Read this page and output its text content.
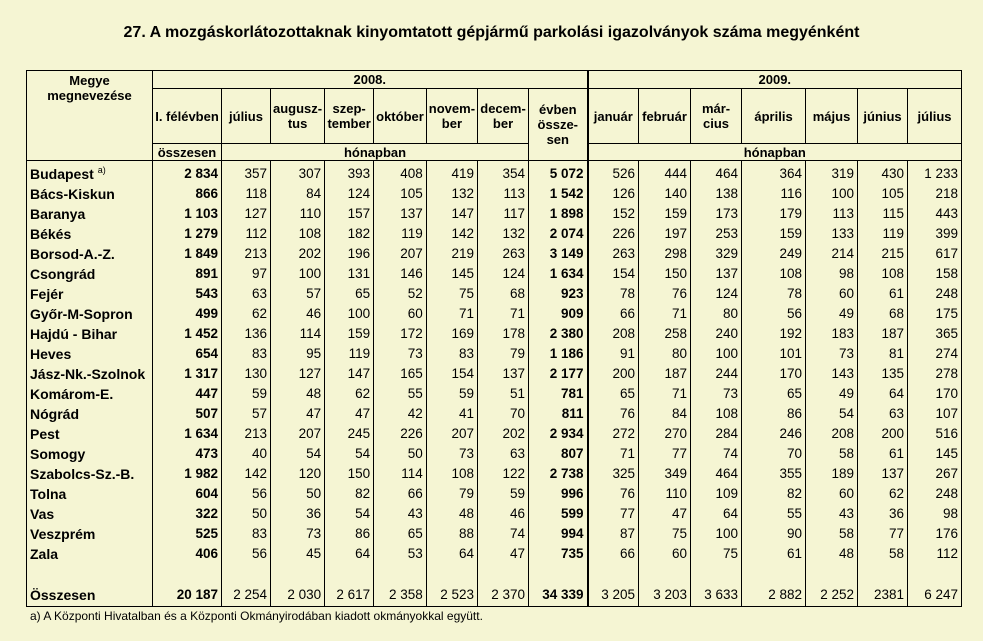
27. A mozgáskorlátozottaknak kinyomtatott gépjármű parkolási igazolványok száma megyénként
Megye megnevezése	2008.								2009.						
	I. félévben	július	augusz-tus	szep-tember	október	novem-ber	decem-ber	évben össze-sen	január	február	már-cius	április	május	június	július
	összesen	hónapban							hónapban						
Budapest $^{a)}$	2 834	357	307	393	408	419	354	5 072	526	444	464	364	319	430	1 233
Bács-Kiskun	866	118	84	124	105	132	113	1 542	126	140	138	116	100	105	218
Baranya	1 103	127	110	157	137	147	117	1 898	152	159	173	179	113	115	443
Békés	1 279	112	108	182	119	142	132	2 074	226	197	253	159	133	119	399
Borsod-A.-Z.	1 849	213	202	196	207	219	263	3 149	263	298	329	249	214	215	617
Csongrád	891	97	100	131	146	145	124	1 634	154	150	137	108	98	108	158
Fejér	543	63	57	65	52	75	68	923	78	76	124	78	60	61	248
Győr-M-Sopron	499	62	46	100	60	71	71	909	66	71	80	56	49	68	175
Hajdú - Bihar	1 452	136	114	159	172	169	178	2 380	208	258	240	192	183	187	365
Heves	654	83	95	119	73	83	79	1 186	91	80	100	101	73	81	274
Jász-Nk.-Szolnok	1 317	130	127	147	165	154	137	2 177	200	187	244	170	143	135	278
Komárom-E.	447	59	48	62	55	59	51	781	65	71	73	65	49	64	170
Nógrád	507	57	47	47	42	41	70	811	76	84	108	86	54	63	107
Pest	1 634	213	207	245	226	207	202	2 934	272	270	284	246	208	200	516
Somogy	473	40	54	54	50	73	63	807	71	77	74	70	58	61	145
Szabolcs-Sz.-B.	1 982	142	120	150	114	108	122	2 738	325	349	464	355	189	137	267
Tolna	604	56	50	82	66	79	59	996	76	110	109	82	60	62	248
Vas	322	50	36	54	43	48	46	599	77	47	64	55	43	36	98
Veszprém	525	83	73	86	65	88	74	994	87	75	100	90	58	77	176
Zala	406	56	45	64	53	64	47	735	66	60	75	61	48	58	112

Összesen	20 187	2 254	2 030	2 617	2 358	2 523	2 370	34 339	3 205	3 203	3 633	2 882	2 252	2381	6 247
a) A Központi Hivatalban és a Központi Okmányirodában kiadott okmányokkal együtt.
